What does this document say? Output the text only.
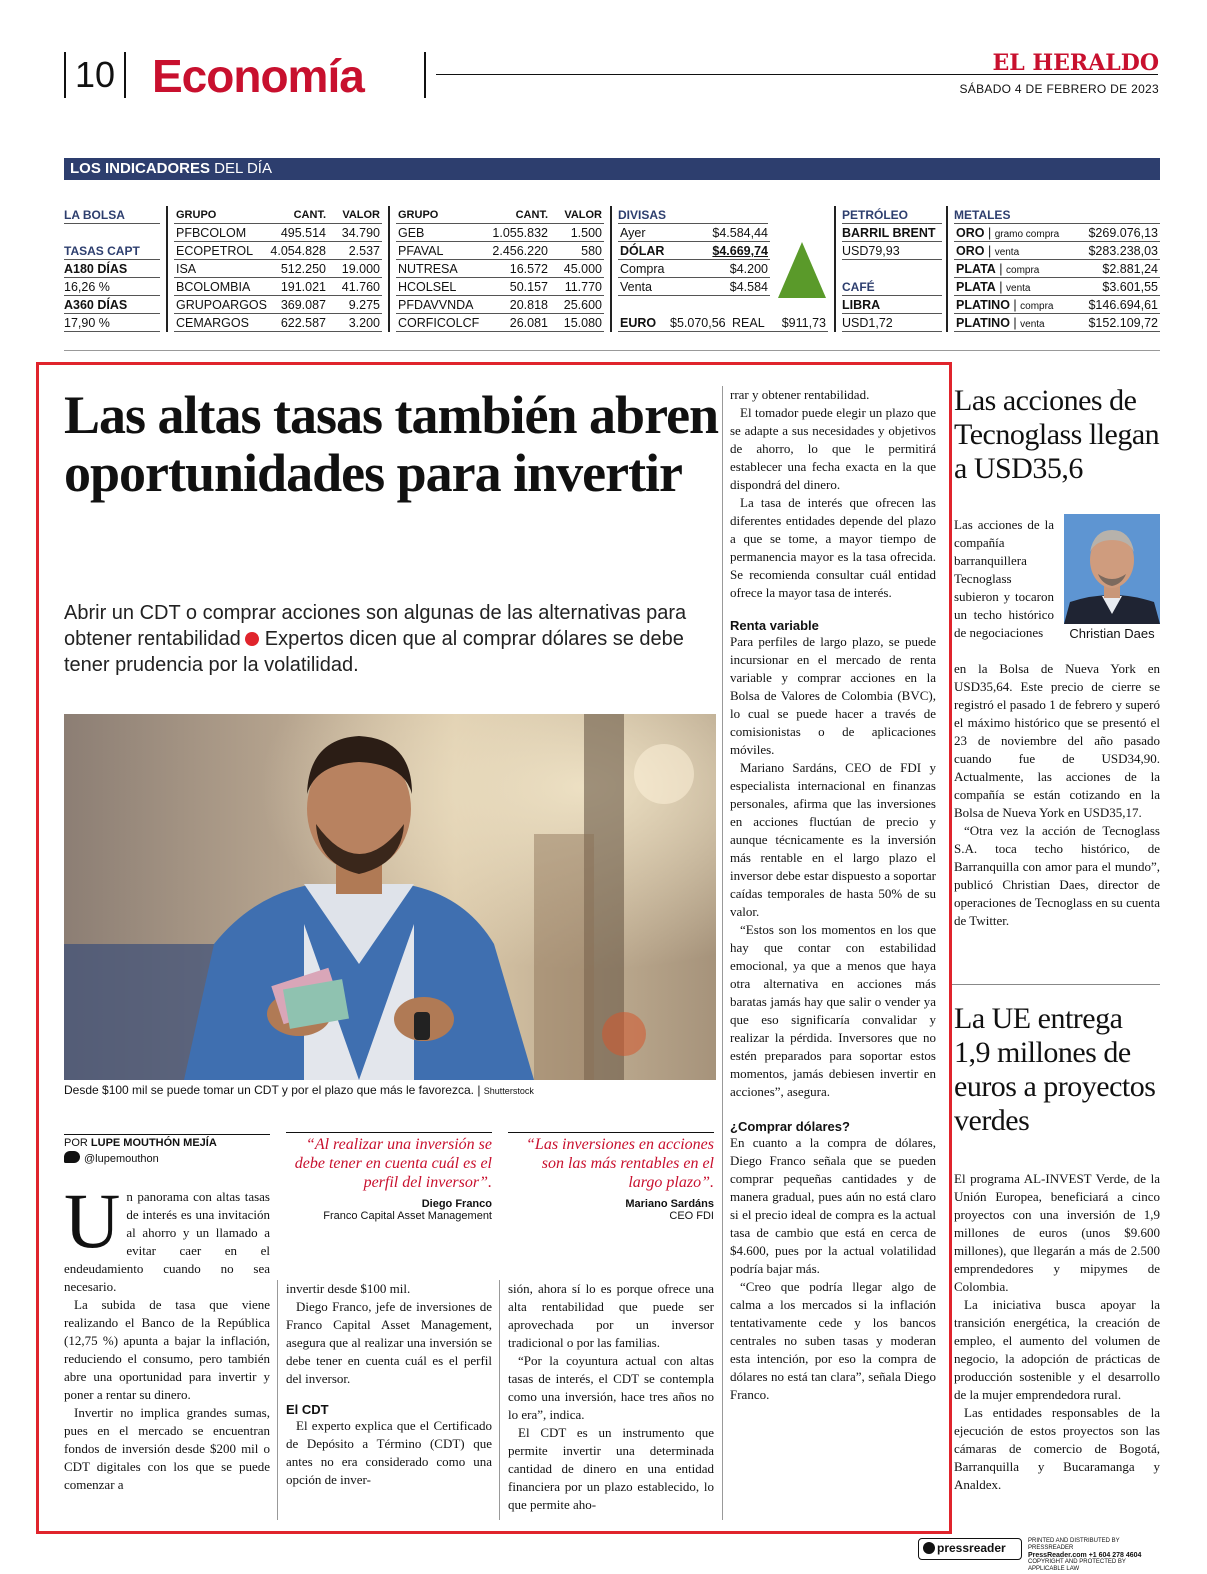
10 Economía	EL HERALDO
SÁBADO 4 DE FEBRERO DE 2023
LOS INDICADORES DEL DÍA
LA BOLSA
TASAS CAPT
A180 DÍAS
16,26 %
A360 DÍAS
17,90 %
GRUPO	CANT. VALOR
PFBCOLOM	495.514 34.790
ECOPETROL 4.054.828 2.537
ISA	512.250 19.000
BCOLOMBIA 191.021 41.760
GRUPOARGOS 369.087 9.275
CEMARGOS	622.587 3.200
GRUPO	CANT. VALOR
GEB	1.055.832 1.500
PFAVAL	2.456.220	580
NUTRESA	16.572 45.000
HCOLSEL	50.157 11.770
PFDAVVNDA	20.818 25.600
CORFICOLCF 26.081 15.080
DIVISAS
Ayer	$4.584,44
DÓLAR	$4.669,74
Compra	$4.200
Venta	$4.584
EURO $5.070,56 REAL $911,73
PETRÓLEO
BARRIL BRENT
USD79,93
CAFÉ
LIBRA
USD1,72
METALES
ORO | gramo compra $269.076,13
ORO | venta	$283.238,03
PLATA | compra	$2.881,24
PLATA | venta	$3.601,55
PLATINO | compra	$146.694,61
PLATINO | venta	$152.109,72
Las altas tasas también abren oportunidades para invertir
Abrir un CDT o comprar acciones son algunas de las alternativas para obtener rentabilidad Expertos dicen que al comprar dólares se debe tener prudencia por la volatilidad.
Desde $100 mil se puede tomar un CDT y por el plazo que más le favorezca. | Shutterstock
POR LUPE MOUTHÓN MEJÍA
@lupemouthon
“Al realizar una inversión se debe tener en cuenta cuál es el perfil del inversor”.
Diego Franco
Franco Capital Asset Management
“Las inversiones en acciones son las más rentables en el largo plazo”.
Mariano Sardáns
CEO FDI
U n panorama con altas tasas de interés es una invitación al ahorro y un llamado a evitar caer en el endeudamiento cuando no sea necesario.

La subida de tasa que viene realizando el Banco de la República (12,75 %) apunta a bajar la inflación, reduciendo el consumo, pero también abre una oportunidad para invertir y poner a rentar su dinero.

Invertir no implica grandes sumas, pues en el mercado se encuentran fondos de inversión desde $200 mil o CDT digitales con los que se puede comenzar a

invertir desde $100 mil.

Diego Franco, jefe de inversiones de Franco Capital Asset Management, asegura que al realizar una inversión se debe tener en cuenta cuál es el perfil del inversor.

El CDT

El experto explica que el Certificado de Depósito a Término (CDT) que antes no era considerado como una opción de inver-

sión, ahora sí lo es porque ofrece una alta rentabilidad que puede ser aprovechada por un inversor tradicional o por las familias.

“Por la coyuntura actual con altas tasas de interés, el CDT se contempla como una inversión, hace tres años no lo era”, indica.

El CDT es un instrumento que permite invertir una determinada cantidad de dinero en una entidad financiera por un plazo establecido, lo que permite aho-

rrar y obtener rentabilidad.

El tomador puede elegir un plazo que se adapte a sus necesidades y objetivos de ahorro, lo que le permitirá establecer una fecha exacta en la que dispondrá del dinero.

La tasa de interés que ofrecen las diferentes entidades depende del plazo a que se tome, a mayor tiempo de permanencia mayor es la tasa ofrecida. Se recomienda consultar cuál entidad ofrece la mayor tasa de interés.

Renta variable

Para perfiles de largo plazo, se puede incursionar en el mercado de renta variable y comprar acciones en la Bolsa de Valores de Colombia (BVC), lo cual se puede hacer a través de comisionistas o de aplicaciones móviles.

Mariano Sardáns, CEO de FDI y especialista internacional en finanzas personales, afirma que las inversiones en acciones fluctúan de precio y aunque técnicamente es la inversión más rentable en el largo plazo el inversor debe estar dispuesto a soportar caídas temporales de hasta 50% de su valor.

“Estos son los momentos en los que hay que contar con estabilidad emocional, ya que a menos que haya otra alternativa en acciones más baratas jamás hay que salir o vender ya que eso significaría convalidar y realizar la pérdida. Inversores que no estén preparados para soportar estos momentos, jamás debiesen invertir en acciones”, asegura.

¿Comprar dólares?

En cuanto a la compra de dólares, Diego Franco señala que se pueden comprar pequeñas cantidades y de manera gradual, pues aún no está claro si el precio ideal de compra es la actual tasa de cambio que está en cerca de $4.600, pues por la actual volatilidad podría bajar más.

“Creo que podría llegar algo de calma a los mercados si la inflación tentativamente cede y los bancos centrales no suben tasas y moderan esta intención, por eso la compra de dólares no está tan clara”, señala Diego Franco.

Las acciones de Tecnoglass llegan a USD35,6
Christian Daes
Las acciones de la compañía barranquillera Tecnoglass subieron y tocaron un techo histórico de negociaciones

en la Bolsa de Nueva York en USD35,64. Este precio de cierre se registró el pasado 1 de febrero y superó el máximo histórico que se presentó el 23 de noviembre del año pasado cuando fue de USD34,90. Actualmente, las acciones de la compañía se están cotizando en la Bolsa de Nueva York en USD35,17.

“Otra vez la acción de Tecnoglass S.A. toca techo histórico, de Barranquilla con amor para el mundo”, publicó Christian Daes, director de operaciones de Tecnoglass en su cuenta de Twitter.

La UE entrega 1,9 millones de euros a proyectos verdes

El programa AL-INVEST Verde, de la Unión Europea, beneficiará a cinco proyectos con una inversión de 1,9 millones de euros (unos $9.600 millones), que llegarán a más de 2.500 emprendedores y mipymes de Colombia.

La iniciativa busca apoyar la transición energética, la creación de empleo, el aumento del volumen de negocio, la adopción de prácticas de producción sostenible y el desarrollo de la mujer emprendedora rural.

Las entidades responsables de la ejecución de estos proyectos son las cámaras de comercio de Bogotá, Barranquilla y Bucaramanga y Analdex.

pressreader	PRINTED AND DISTRIBUTED BY PRESSREADER
PressReader.com +1 604 278 4604
COPYRIGHT AND PROTECTED BY APPLICABLE LAW
